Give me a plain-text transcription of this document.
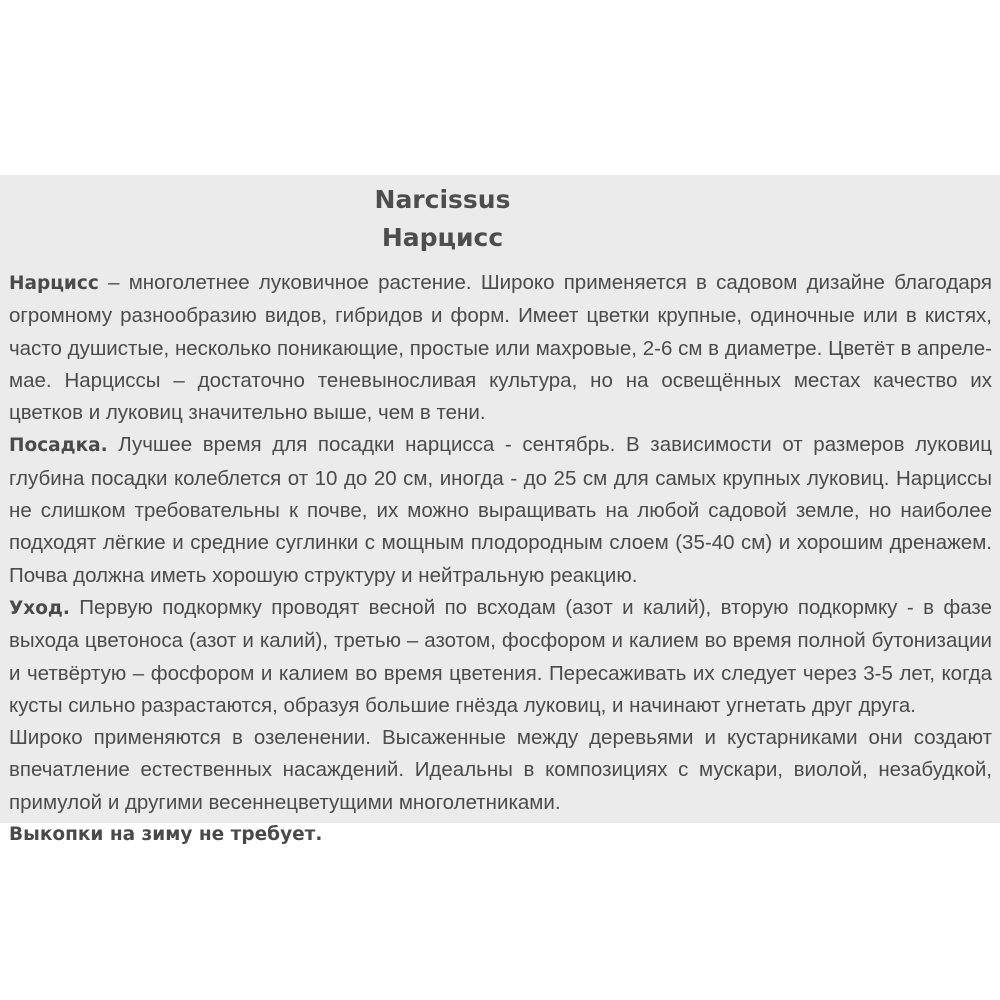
Narcissus
Нарцисс

Нарцисс – многолетнее луковичное растение. Широко применяется в садовом дизайне благодаря огромному разнообразию видов, гибридов и форм. Имеет цветки крупные, одиночные или в кистях, часто душистые, несколько поникающие, простые или махровые, 2-6 см в диаметре. Цветёт в апреле-мае. Нарциссы – достаточно теневыносливая культура, но на освещённых местах качество их цветков и луковиц значительно выше, чем в тени.

Посадка. Лучшее время для посадки нарцисса - сентябрь. В зависимости от размеров луковиц глубина посадки колеблется от 10 до 20 см, иногда - до 25 см для самых крупных луковиц. Нарциссы не слишком требовательны к почве, их можно выращивать на любой садовой земле, но наиболее подходят лёгкие и средние суглинки с мощным плодородным слоем (35-40 см) и хорошим дренажем. Почва должна иметь хорошую структуру и нейтральную реакцию.

Уход. Первую подкормку проводят весной по всходам (азот и калий), вторую подкормку - в фазе выхода цветоноса (азот и калий), третью – азотом, фосфором и калием во время полной бутонизации и четвёртую – фосфором и калием во время цветения. Пересаживать их следует через 3-5 лет, когда кусты сильно разрастаются, образуя большие гнёзда луковиц, и начинают угнетать друг друга.

Широко применяются в озеленении. Высаженные между деревьями и кустарниками они создают впечатление естественных насаждений. Идеальны в композициях с мускари, виолой, незабудкой, примулой и другими весеннецветущими многолетниками.

Выкопки на зиму не требует.
